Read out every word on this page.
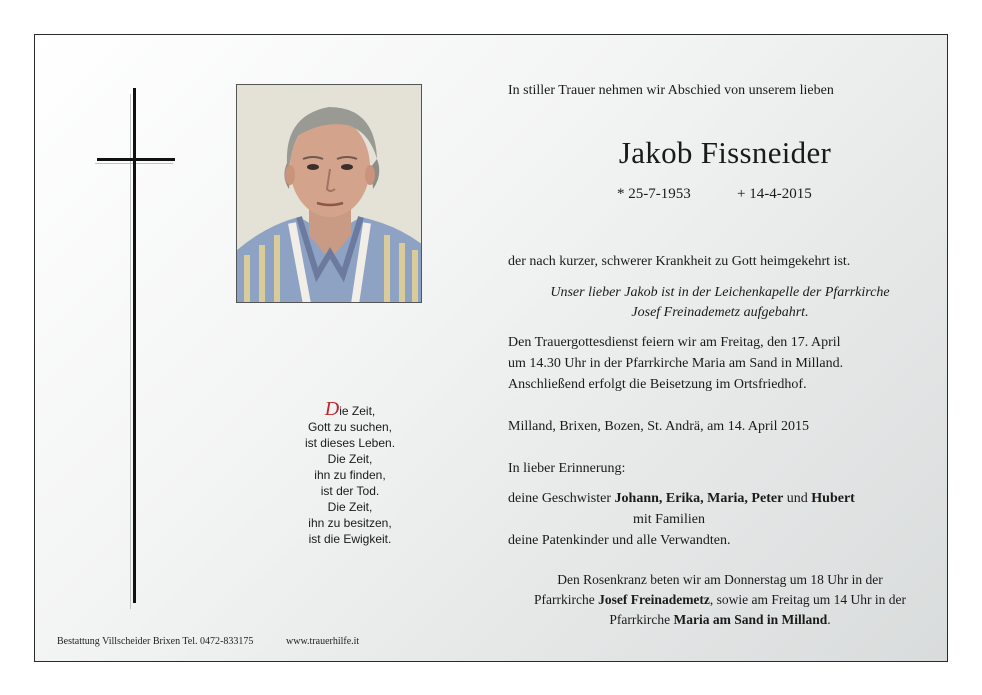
Die Zeit,
Gott zu suchen,
ist dieses Leben.
Die Zeit,
ihn zu finden,
ist der Tod.
Die Zeit,
ihn zu besitzen,
ist die Ewigkeit.
Bestattung Villscheider Brixen Tel. 0472-833175	www.trauerhilfe.it
In stiller Trauer nehmen wir Abschied von unserem lieben
Jakob Fissneider
* 25-7-1953	+ 14-4-2015
der nach kurzer, schwerer Krankheit zu Gott heimgekehrt ist.
Unser lieber Jakob ist in der Leichenkapelle der Pfarrkirche
Josef Freinademetz aufgebahrt.
Den Trauergottesdienst feiern wir am Freitag, den 17. April
um 14.30 Uhr in der Pfarrkirche Maria am Sand in Milland.
Anschließend erfolgt die Beisetzung im Ortsfriedhof.
Milland, Brixen, Bozen, St. Andrä, am 14. April 2015
In lieber Erinnerung:
deine Geschwister Johann, Erika, Maria, Peter und Hubert
mit Familien
deine Patenkinder und alle Verwandten.
Den Rosenkranz beten wir am Donnerstag um 18 Uhr in der
Pfarrkirche Josef Freinademetz, sowie am Freitag um 14 Uhr in der
Pfarrkirche Maria am Sand in Milland.
